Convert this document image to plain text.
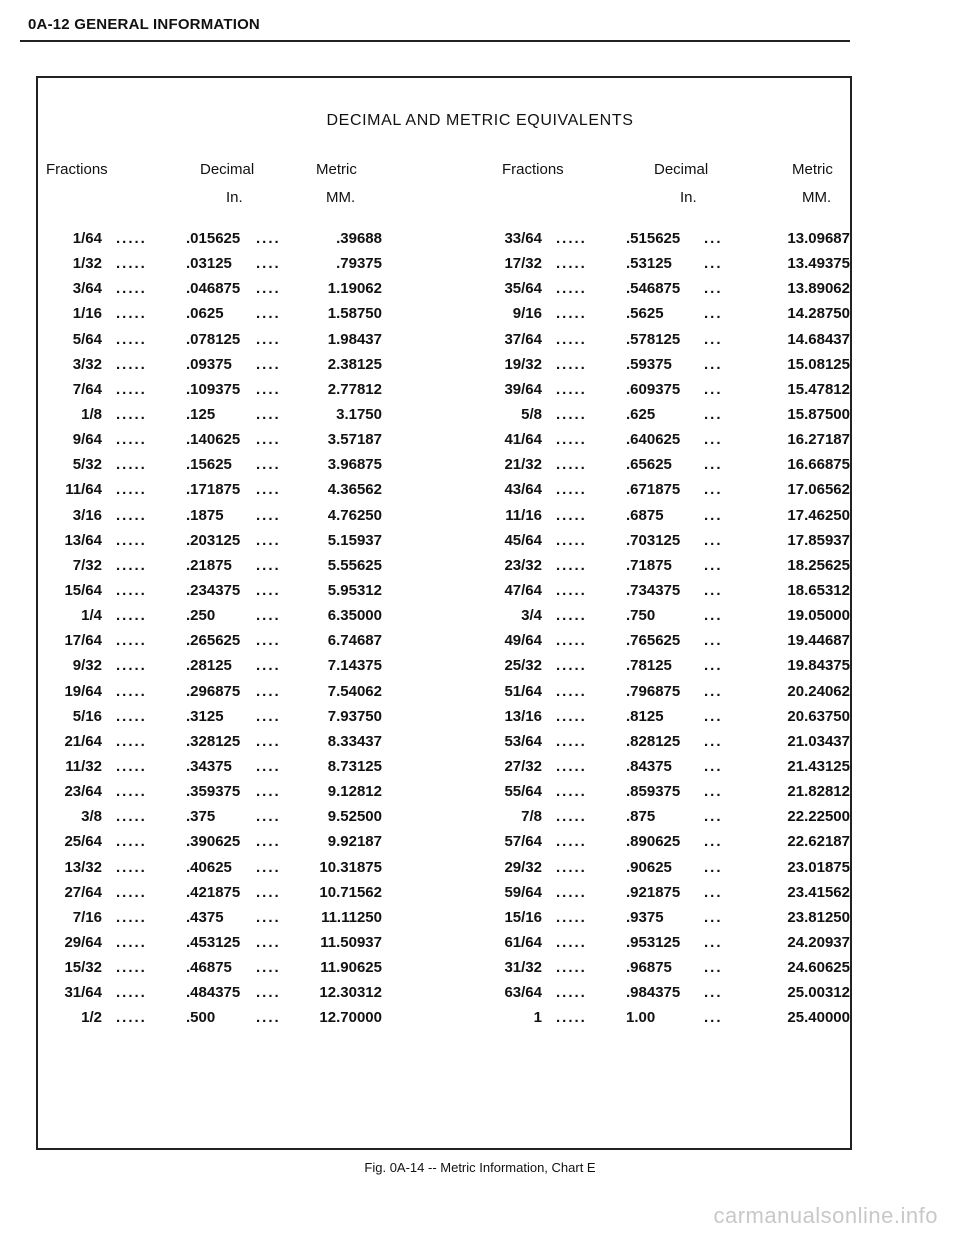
0A-12 GENERAL INFORMATION
DECIMAL AND METRIC EQUIVALENTS
Fractions	Decimal
In.
Metric
MM.
Fractions	Decimal
In.
Metric
MM.
1/64 .....	.015625 ....	.39688	33/64 .....	.515625 ...	13.09687
1/32 .....	.03125 ....	.79375	17/32 .....	.53125 ...	13.49375
3/64 .....	.046875 ....	1.19062	35/64 .....	.546875 ...	13.89062
1/16 .....	.0625 ....	1.58750	9/16 .....	.5625	...	14.28750
5/64 .....	.078125 ....	1.98437	37/64 .....	.578125 ...	14.68437
3/32 .....	.09375 ....	2.38125	19/32 .....	.59375 ...	15.08125
7/64 .....	.109375 ....	2.77812	39/64 .....	.609375 ...	15.47812
1/8 .....	.125	....	3.1750	5/8 .....	.625	...	15.87500
9/64 .....	.140625 ....	3.57187	41/64 .....	.640625 ...	16.27187
5/32 .....	.15625 ....	3.96875	21/32 .....	.65625 ...	16.66875
11/64 .....	.171875 ....	4.36562	43/64 .....	.671875 ...	17.06562
3/16 .....	.1875 ....	4.76250	11/16 .....	.6875	...	17.46250
13/64 .....	.203125 ....	5.15937	45/64 .....	.703125 ...	17.85937
7/32 .....	.21875 ....	5.55625	23/32 .....	.71875 ...	18.25625
15/64 .....	.234375 ....	5.95312	47/64 .....	.734375 ...	18.65312
1/4 .....	.250	....	6.35000	3/4 .....	.750	...	19.05000
17/64 .....	.265625 ....	6.74687	49/64 .....	.765625 ...	19.44687
9/32 .....	.28125 ....	7.14375	25/32 .....	.78125 ...	19.84375
19/64 .....	.296875 ....	7.54062	51/64 .....	.796875 ...	20.24062
5/16 .....	.3125 ....	7.93750	13/16 .....	.8125	...	20.63750
21/64 .....	.328125 ....	8.33437	53/64 .....	.828125 ...	21.03437
11/32 .....	.34375 ....	8.73125	27/32 .....	.84375 ...	21.43125
23/64 .....	.359375 ....	9.12812	55/64 .....	.859375 ...	21.82812
3/8 .....	.375	....	9.52500	7/8 .....	.875	...	22.22500
25/64 .....	.390625 ....	9.92187	57/64 .....	.890625 ...	22.62187
13/32 .....	.40625 ....	10.31875	29/32 .....	.90625 ...	23.01875
27/64 .....	.421875 ....	10.71562	59/64 .....	.921875 ...	23.41562
7/16 .....	.4375 ....	11.11250	15/16 .....	.9375	...	23.81250
29/64 .....	.453125 ....	11.50937	61/64 .....	.953125 ...	24.20937
15/32 .....	.46875 ....	11.90625	31/32 .....	.96875 ...	24.60625
31/64 .....	.484375 ....	12.30312	63/64 .....	.984375 ...	25.00312
1/2 .....	.500	....	12.70000	1 .....	1.00	...	25.40000
Fig. 0A-14 -- Metric Information, Chart E
carmanualsonline.info
